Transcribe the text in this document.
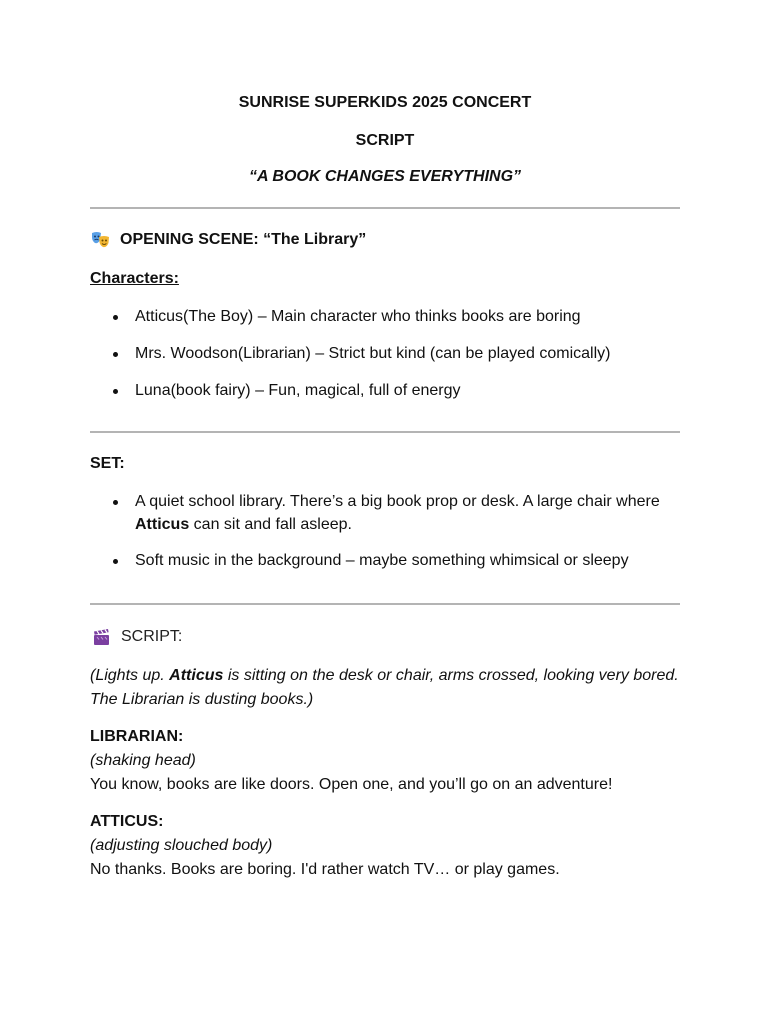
SUNRISE SUPERKIDS 2025 CONCERT
SCRIPT
“A BOOK CHANGES EVERYTHING”
OPENING SCENE: “The Library”
Characters:
Atticus(The Boy) – Main character who thinks books are boring
Mrs. Woodson(Librarian) – Strict but kind (can be played comically)
Luna(book fairy) – Fun, magical, full of energy
SET:
A quiet school library. There’s a big book prop or desk. A large chair where Atticus can sit and fall asleep.
Soft music in the background – maybe something whimsical or sleepy
SCRIPT:
(Lights up. Atticus is sitting on the desk or chair, arms crossed, looking very bored. The Librarian is dusting books.)
LIBRARIAN:
(shaking head)
You know, books are like doors. Open one, and you’ll go on an adventure!
ATTICUS:
(adjusting slouched body)
No thanks. Books are boring. I'd rather watch TV… or play games.
